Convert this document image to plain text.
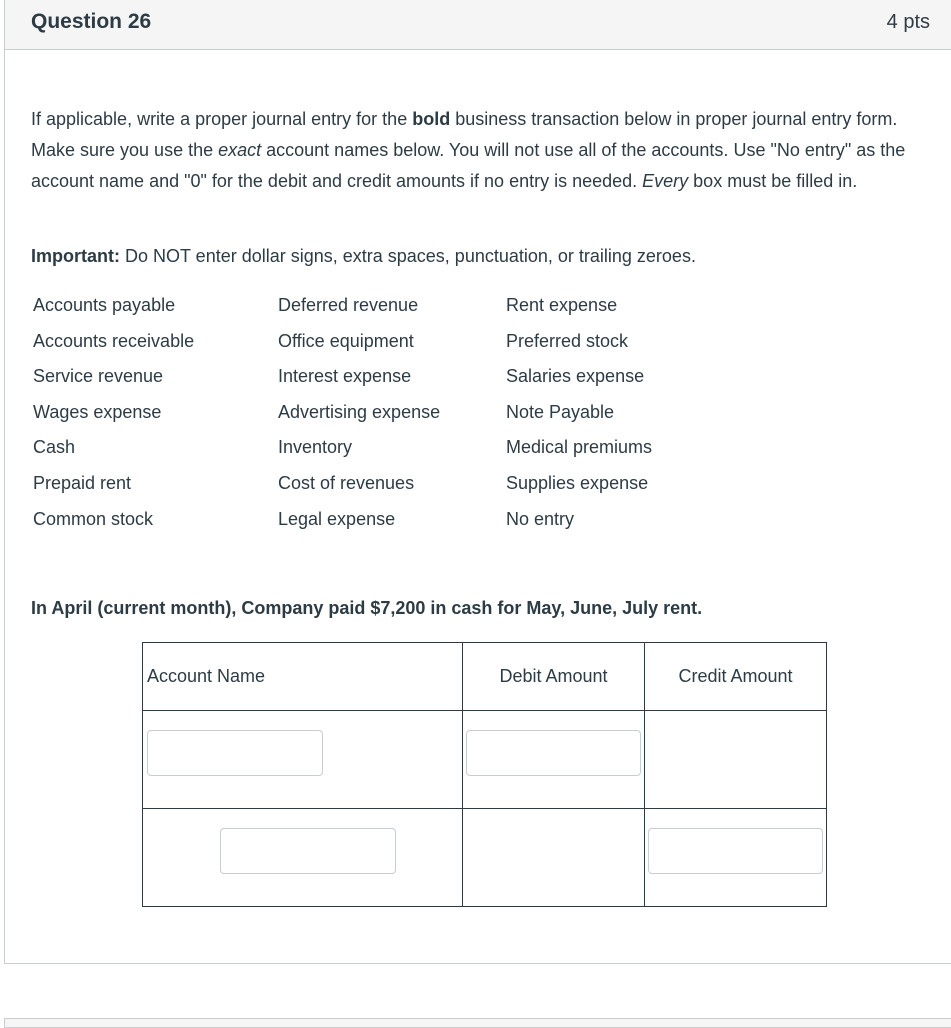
Question 26	4 pts
If applicable, write a proper journal entry for the bold business transaction below in proper journal entry form. Make sure you use the exact account names below. You will not use all of the accounts. Use "No entry" as the account name and "0" for the debit and credit amounts if no entry is needed. Every box must be filled in.
Important: Do NOT enter dollar signs, extra spaces, punctuation, or trailing zeroes.
Accounts payable	Deferred revenue	Rent expense
Accounts receivable	Office equipment	Preferred stock
Service revenue	Interest expense	Salaries expense
Wages expense	Advertising expense	Note Payable
Cash	Inventory	Medical premiums
Prepaid rent	Cost of revenues	Supplies expense
Common stock	Legal expense	No entry
In April (current month), Company paid $7,200 in cash for May, June, July rent.
Account Name	Debit Amount	Credit Amount
